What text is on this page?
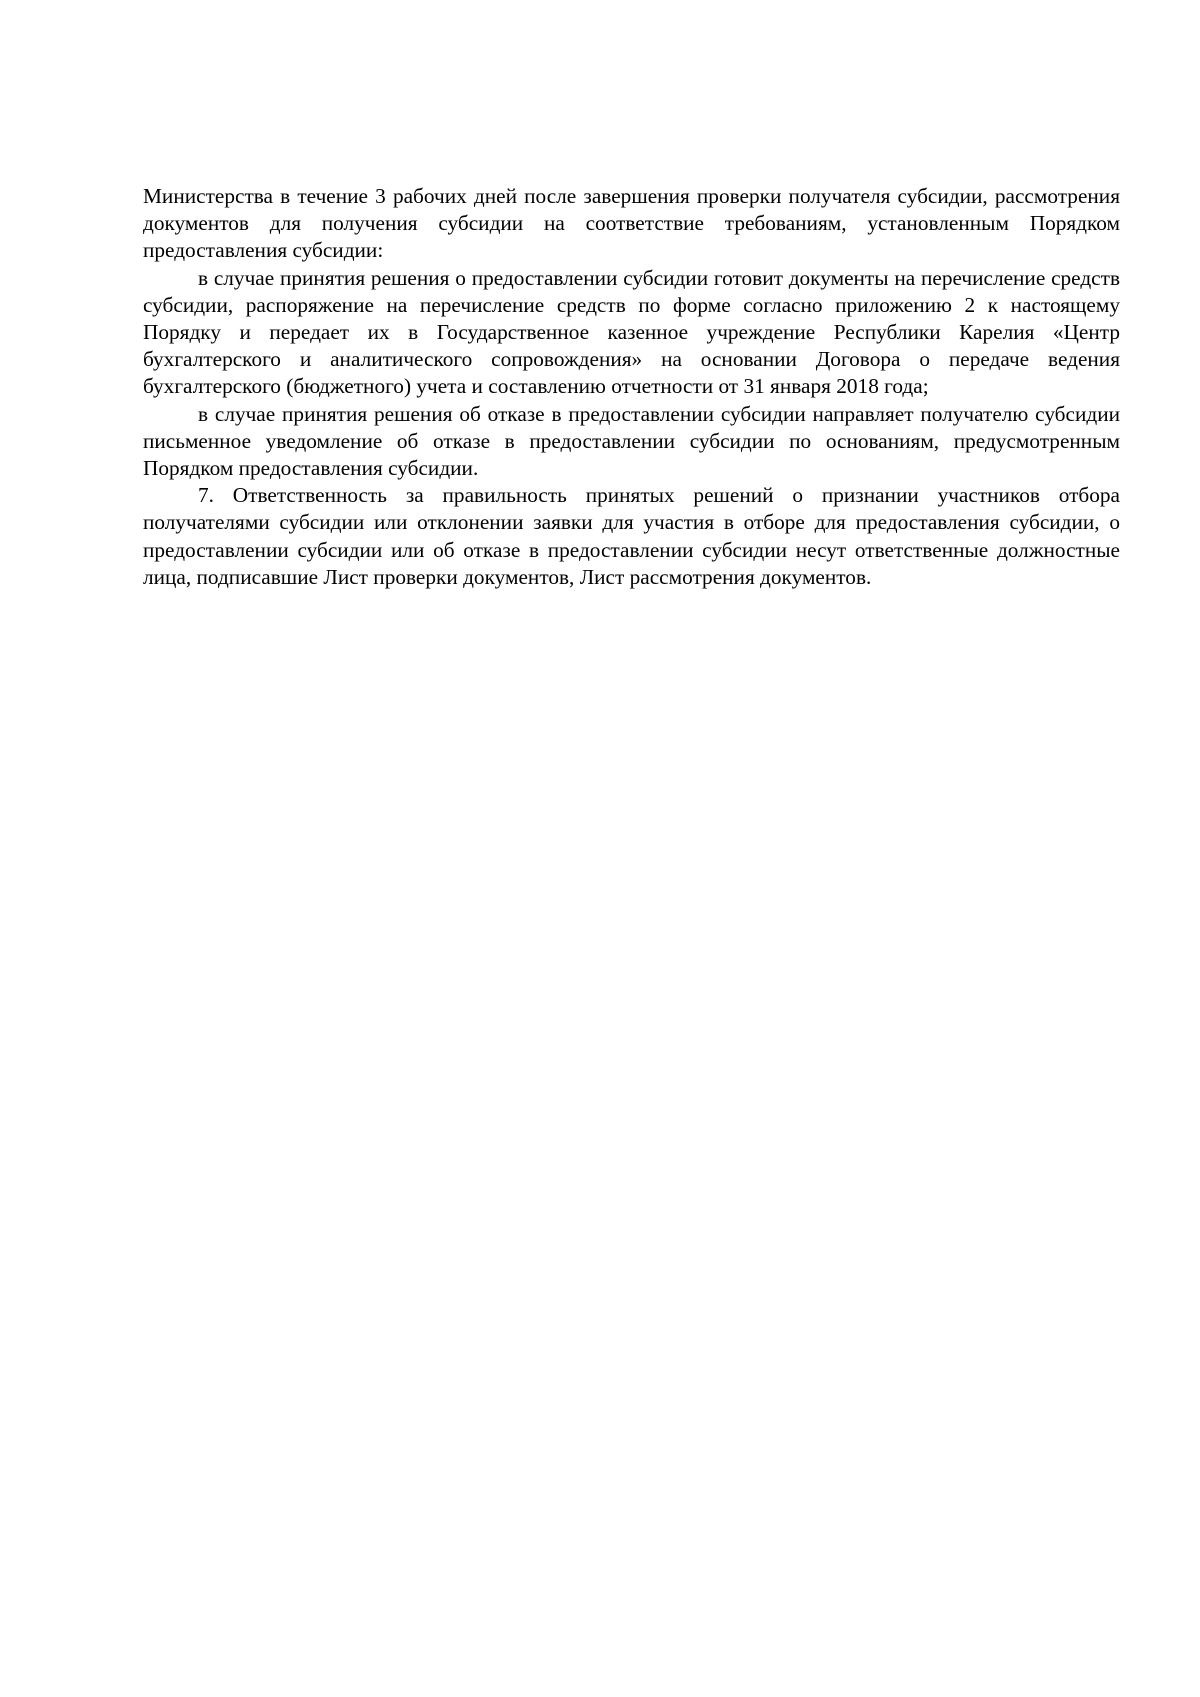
Министерства в течение 3 рабочих дней после завершения проверки получателя субсидии, рассмотрения документов для получения субсидии на соответствие требованиям, установленным Порядком предоставления субсидии:

в случае принятия решения о предоставлении субсидии готовит документы на перечисление средств субсидии, распоряжение на перечисление средств по форме согласно приложению 2 к настоящему Порядку и передает их в Государственное казенное учреждение Республики Карелия «Центр бухгалтерского и аналитического сопровождения» на основании Договора о передаче ведения бухгалтерского (бюджетного) учета и составлению отчетности от 31 января 2018 года;

в случае принятия решения об отказе в предоставлении субсидии направляет получателю субсидии письменное уведомление об отказе в предоставлении субсидии по основаниям, предусмотренным Порядком предоставления субсидии.

7. Ответственность за правильность принятых решений о признании участников отбора получателями субсидии или отклонении заявки для участия в отборе для предоставления субсидии, о предоставлении субсидии или об отказе в предоставлении субсидии несут ответственные должностные лица, подписавшие Лист проверки документов, Лист рассмотрения документов.
